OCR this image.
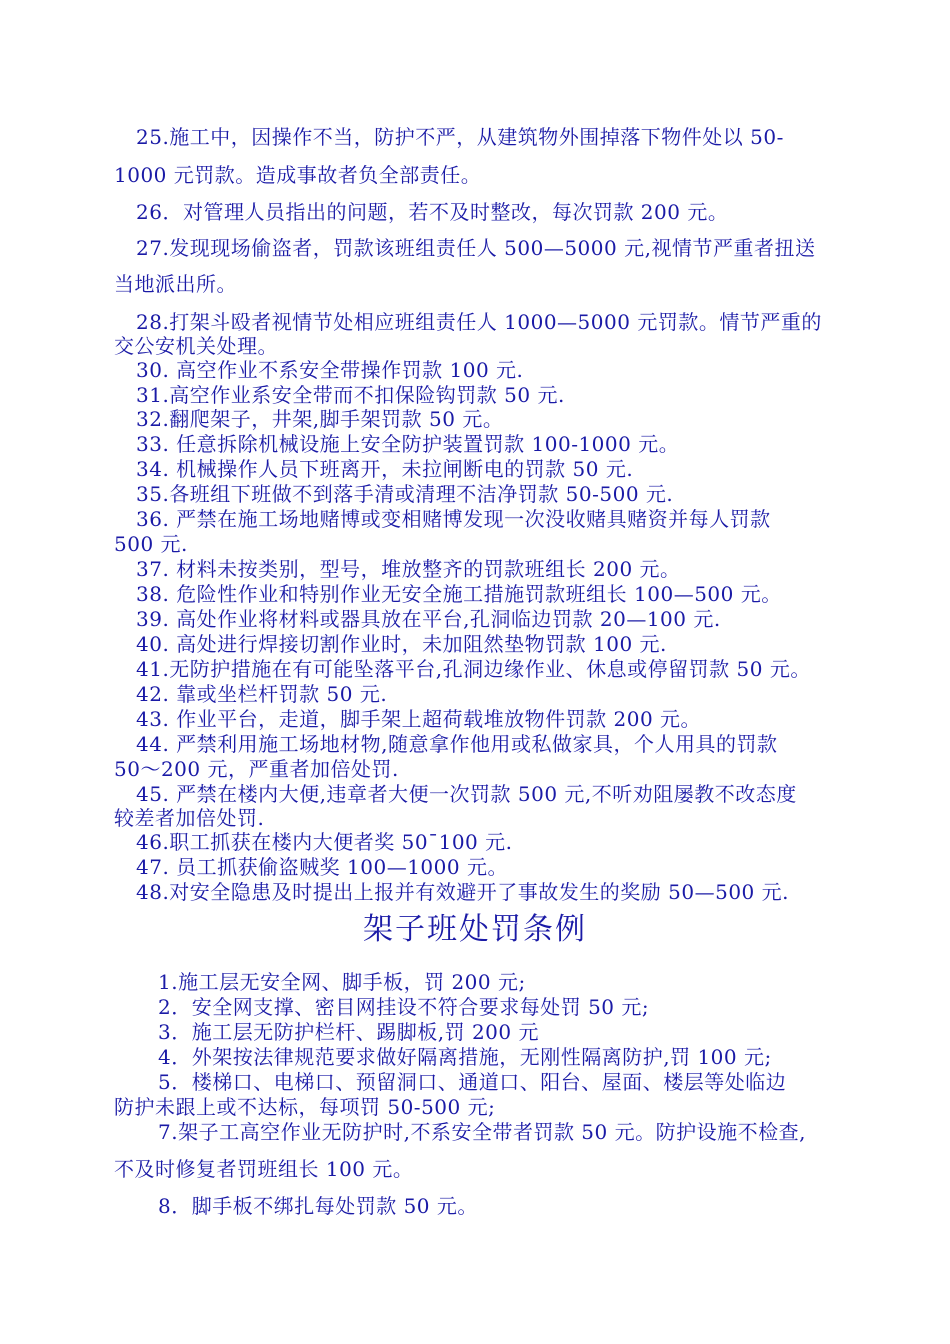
25.施工中，因操作不当，防护不严，从建筑物外围掉落下物件处以 50-
1000 元罚款。造成事故者负全部责任。
26．对管理人员指出的问题，若不及时整改，每次罚款 200 元。
27.发现现场偷盗者，罚款该班组责任人 500—5000 元,视情节严重者扭送
当地派出所。
28.打架斗殴者视情节处相应班组责任人 1000—5000 元罚款。情节严重的
交公安机关处理。
30. 高空作业不系安全带操作罚款 100 元.
31.高空作业系安全带而不扣保险钩罚款 50 元.
32.翻爬架子，井架,脚手架罚款 50 元。
33. 任意拆除机械设施上安全防护装置罚款 100-1000 元。
34. 机械操作人员下班离开，未拉闸断电的罚款 50 元.
35.各班组下班做不到落手清或清理不洁净罚款 50-500 元.
36. 严禁在施工场地赌博或变相赌博发现一次没收赌具赌资并每人罚款
500 元.
37. 材料未按类别，型号，堆放整齐的罚款班组长 200 元。
38. 危险性作业和特别作业无安全施工措施罚款班组长 100—500 元。
39. 高处作业将材料或器具放在平台,孔洞临边罚款 20—100 元.
40. 高处进行焊接切割作业时，未加阻然垫物罚款 100 元.
41.无防护措施在有可能坠落平台,孔洞边缘作业、休息或停留罚款 50 元。
42. 靠或坐栏杆罚款 50 元.
43. 作业平台，走道，脚手架上超荷载堆放物件罚款 200 元。
44. 严禁利用施工场地材物,随意拿作他用或私做家具，个人用具的罚款
50～200 元，严重者加倍处罚.
45. 严禁在楼内大便,违章者大便一次罚款 500 元,不听劝阻屡教不改态度
较差者加倍处罚.
46.职工抓获在楼内大便者奖 50¯100 元.
47. 员工抓获偷盗贼奖 100—1000 元。
48.对安全隐患及时提出上报并有效避开了事故发生的奖励 50—500 元.
架子班处罚条例
1.施工层无安全网、脚手板，罚 200 元;
2．安全网支撑、密目网挂设不符合要求每处罚 50 元;
3．施工层无防护栏杆、踢脚板,罚 200 元
4．外架按法律规范要求做好隔离措施，无刚性隔离防护,罚 100 元;
5．楼梯口、电梯口、预留洞口、通道口、阳台、屋面、楼层等处临边
防护未跟上或不达标，每项罚 50-500 元;
7.架子工高空作业无防护时,不系安全带者罚款 50 元。防护设施不检查,
不及时修复者罚班组长 100 元。
8．脚手板不绑扎每处罚款 50 元。
